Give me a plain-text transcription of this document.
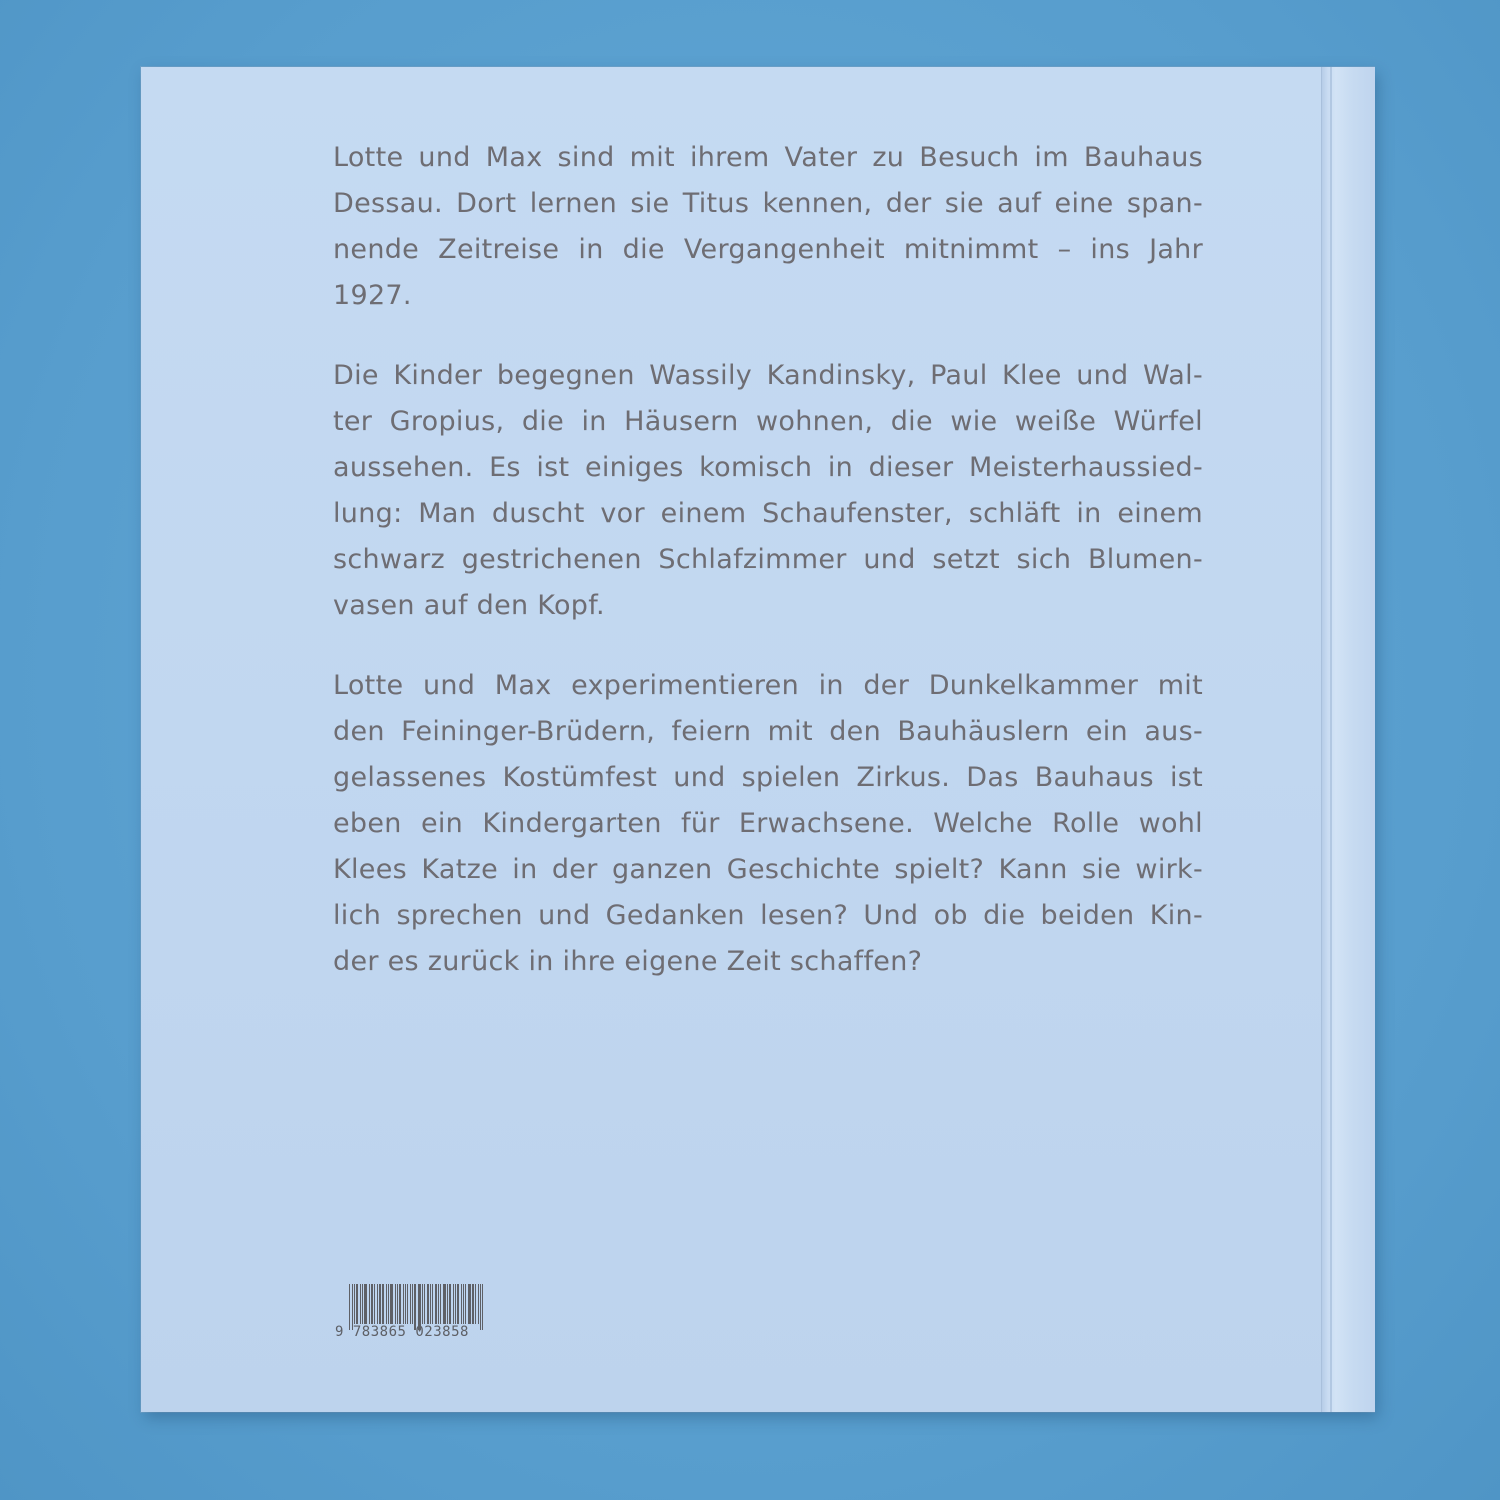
Lotte und Max sind mit ihrem Vater zu Besuch im Bauhaus
Dessau. Dort lernen sie Titus kennen, der sie auf eine span-
nende Zeitreise in die Vergangenheit mitnimmt – ins Jahr
1927.

Die Kinder begegnen Wassily Kandinsky, Paul Klee und Wal-
ter Gropius, die in Häusern wohnen, die wie weiße Würfel
aussehen. Es ist einiges komisch in dieser Meisterhaussied-
lung: Man duscht vor einem Schaufenster, schläft in einem
schwarz gestrichenen Schlafzimmer und setzt sich Blumen-
vasen auf den Kopf.

Lotte und Max experimentieren in der Dunkelkammer mit
den Feininger-Brüdern, feiern mit den Bauhäuslern ein aus-
gelassenes Kostümfest und spielen Zirkus. Das Bauhaus ist
eben ein Kindergarten für Erwachsene. Welche Rolle wohl
Klees Katze in der ganzen Geschichte spielt? Kann sie wirk-
lich sprechen und Gedanken lesen? Und ob die beiden Kin-
der es zurück in ihre eigene Zeit schaffen?

9 783865 023858
